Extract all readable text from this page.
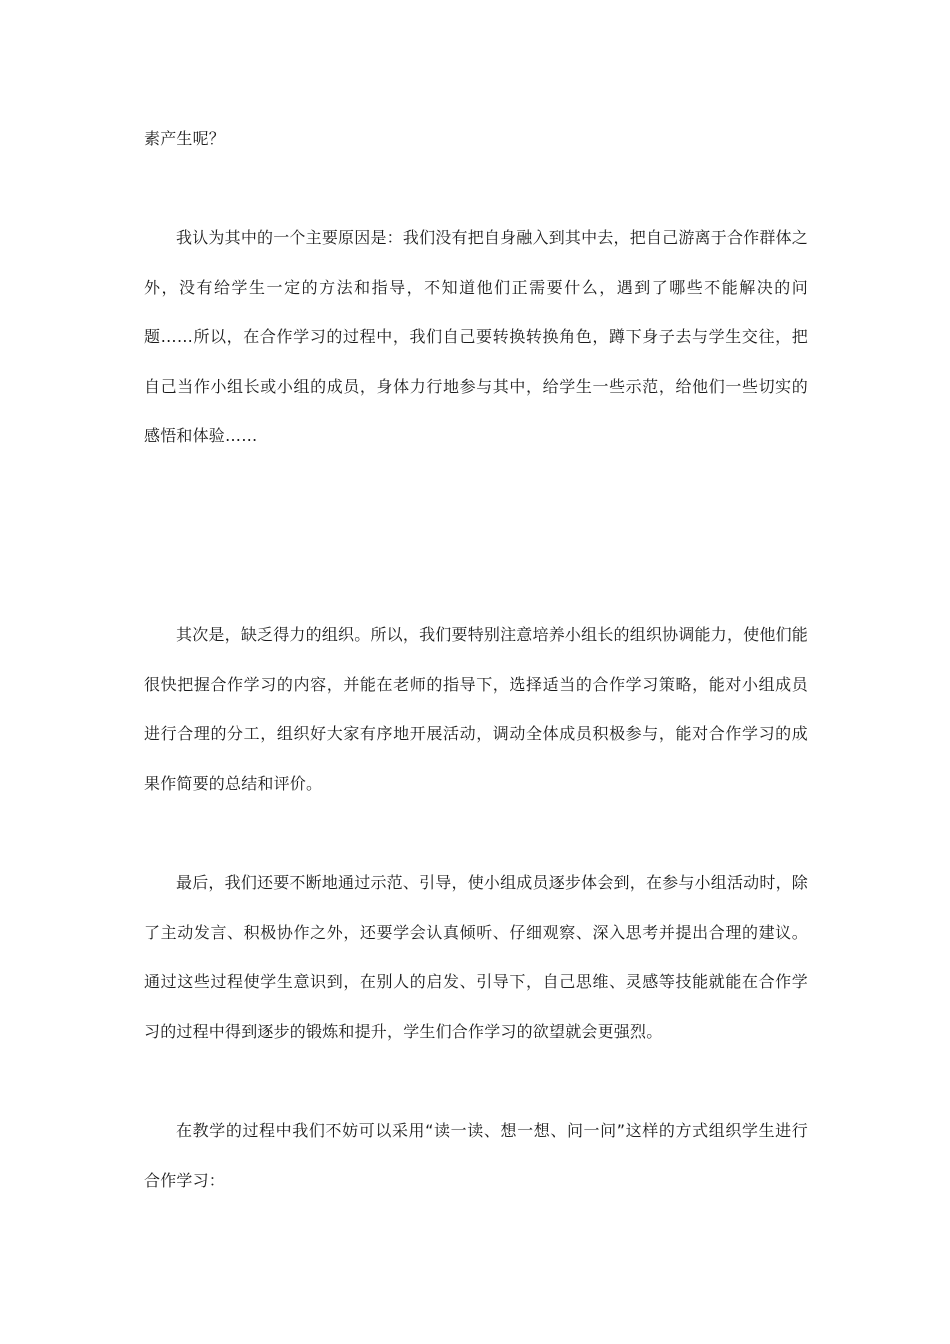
素产生呢？

我认为其中的一个主要原因是：我们没有把自身融入到其中去，把自己游离于合作群体之外，没有给学生一定的方法和指导，不知道他们正需要什么，遇到了哪些不能解决的问题……所以，在合作学习的过程中，我们自己要转换转换角色，蹲下身子去与学生交往，把自己当作小组长或小组的成员，身体力行地参与其中，给学生一些示范，给他们一些切实的感悟和体验……

其次是，缺乏得力的组织。所以，我们要特别注意培养小组长的组织协调能力，使他们能很快把握合作学习的内容，并能在老师的指导下，选择适当的合作学习策略，能对小组成员进行合理的分工，组织好大家有序地开展活动，调动全体成员积极参与，能对合作学习的成果作简要的总结和评价。

最后，我们还要不断地通过示范、引导，使小组成员逐步体会到，在参与小组活动时，除了主动发言、积极协作之外，还要学会认真倾听、仔细观察、深入思考并提出合理的建议。通过这些过程使学生意识到，在别人的启发、引导下，自己思维、灵感等技能就能在合作学习的过程中得到逐步的锻炼和提升，学生们合作学习的欲望就会更强烈。

在教学的过程中我们不妨可以采用“读一读、想一想、问一问”这样的方式组织学生进行合作学习：
